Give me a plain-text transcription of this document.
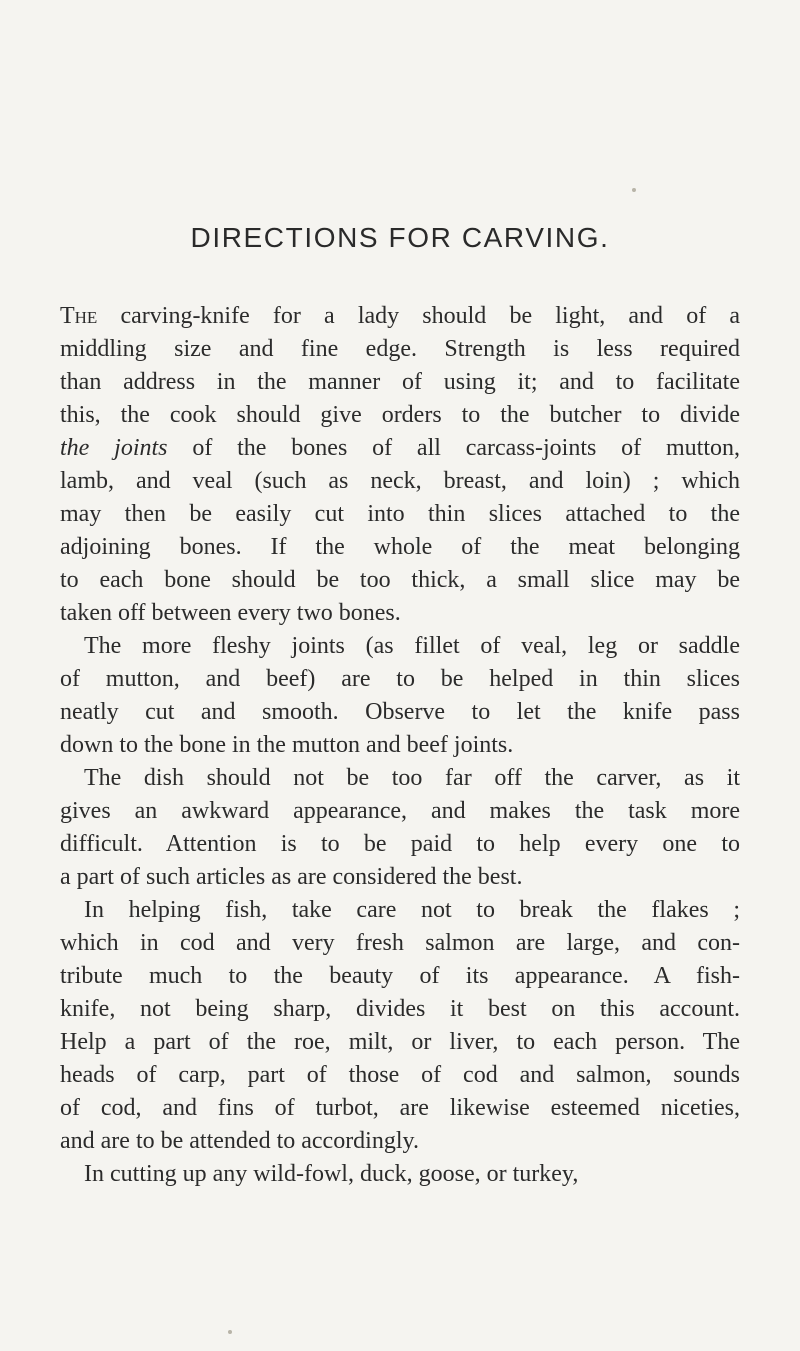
DIRECTIONS FOR CARVING.
The carving-knife for a lady should be light, and of a
middling size and fine edge. Strength is less required
than address in the manner of using it; and to facilitate
this, the cook should give orders to the butcher to divide
the joints of the bones of all carcass-joints of mutton,
lamb, and veal (such as neck, breast, and loin) ; which
may then be easily cut into thin slices attached to the
adjoining bones. If the whole of the meat belonging
to each bone should be too thick, a small slice may be
taken off between every two bones.
The more fleshy joints (as fillet of veal, leg or saddle
of mutton, and beef) are to be helped in thin slices
neatly cut and smooth. Observe to let the knife pass
down to the bone in the mutton and beef joints.
The dish should not be too far off the carver, as it
gives an awkward appearance, and makes the task more
difficult. Attention is to be paid to help every one to
a part of such articles as are considered the best.
In helping fish, take care not to break the flakes ;
which in cod and very fresh salmon are large, and con-
tribute much to the beauty of its appearance. A fish-
knife, not being sharp, divides it best on this account.
Help a part of the roe, milt, or liver, to each person. The
heads of carp, part of those of cod and salmon, sounds
of cod, and fins of turbot, are likewise esteemed niceties,
and are to be attended to accordingly.
In cutting up any wild-fowl, duck, goose, or turkey,
